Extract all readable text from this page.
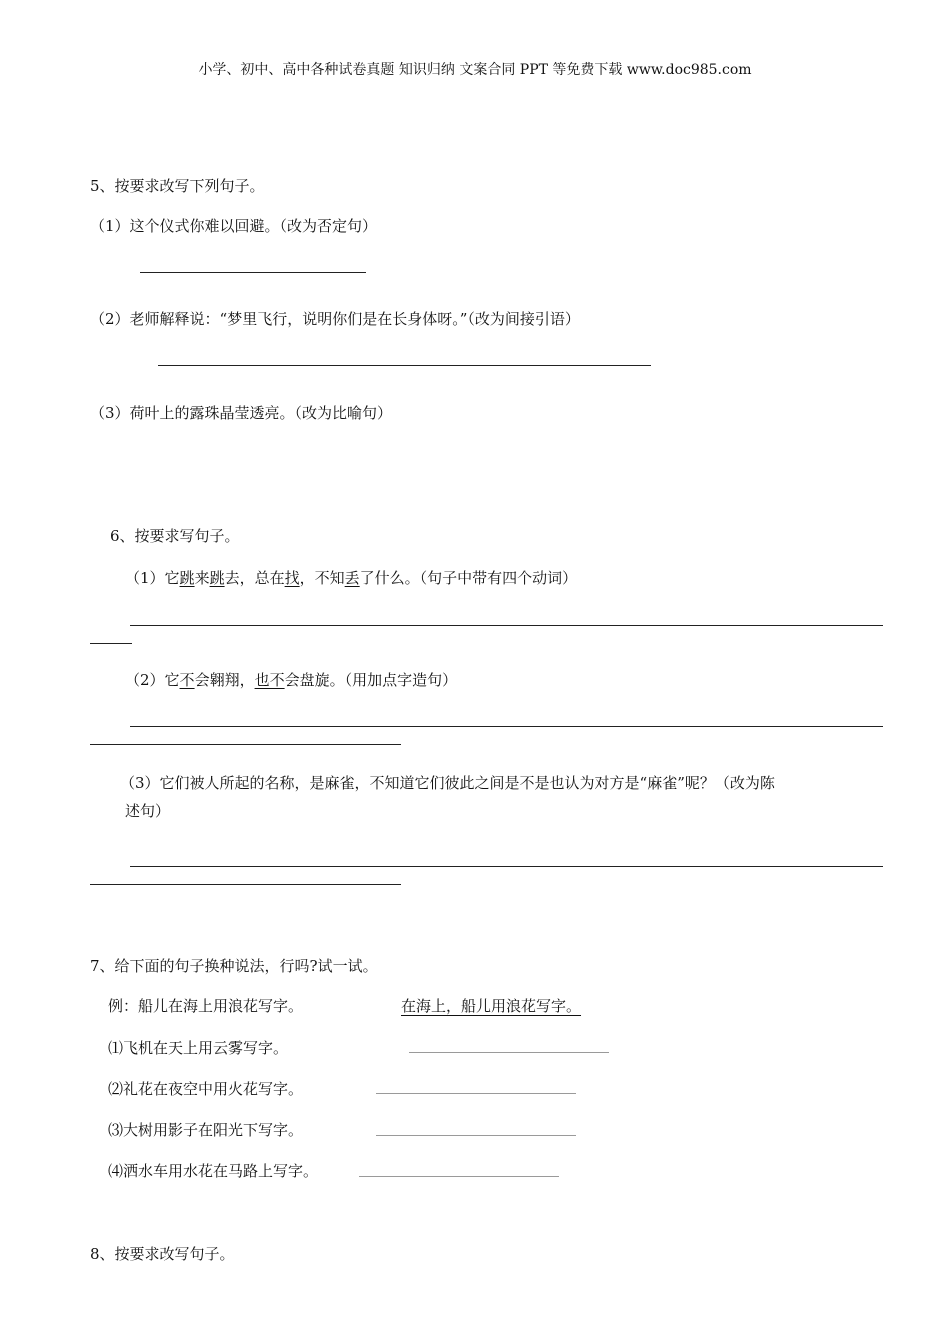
小学、初中、高中各种试卷真题 知识归纳 文案合同 PPT 等免费下载 www.doc985.com
5、按要求改写下列句子。
（1）这个仪式你难以回避。（改为否定句）
（2）老师解释说：“梦里飞行，说明你们是在长身体呀。”（改为间接引语）
（3）荷叶上的露珠晶莹透亮。（改为比喻句）
6、按要求写句子。
（1）它跳来跳去，总在找，不知丢了什么。（句子中带有四个动词）
（2）它不会翱翔，也不会盘旋。（用加点字造句）
（3）它们被人所起的名称，是麻雀，不知道它们彼此之间是不是也认为对方是“麻雀”呢？（改为陈
述句）
7、给下面的句子换种说法，行吗?试一试。
例：船儿在海上用浪花写字。	在海上，船儿用浪花写字。
⑴飞机在天上用云雾写字。
⑵礼花在夜空中用火花写字。
⑶大树用影子在阳光下写字。
⑷洒水车用水花在马路上写字。
8、按要求改写句子。
